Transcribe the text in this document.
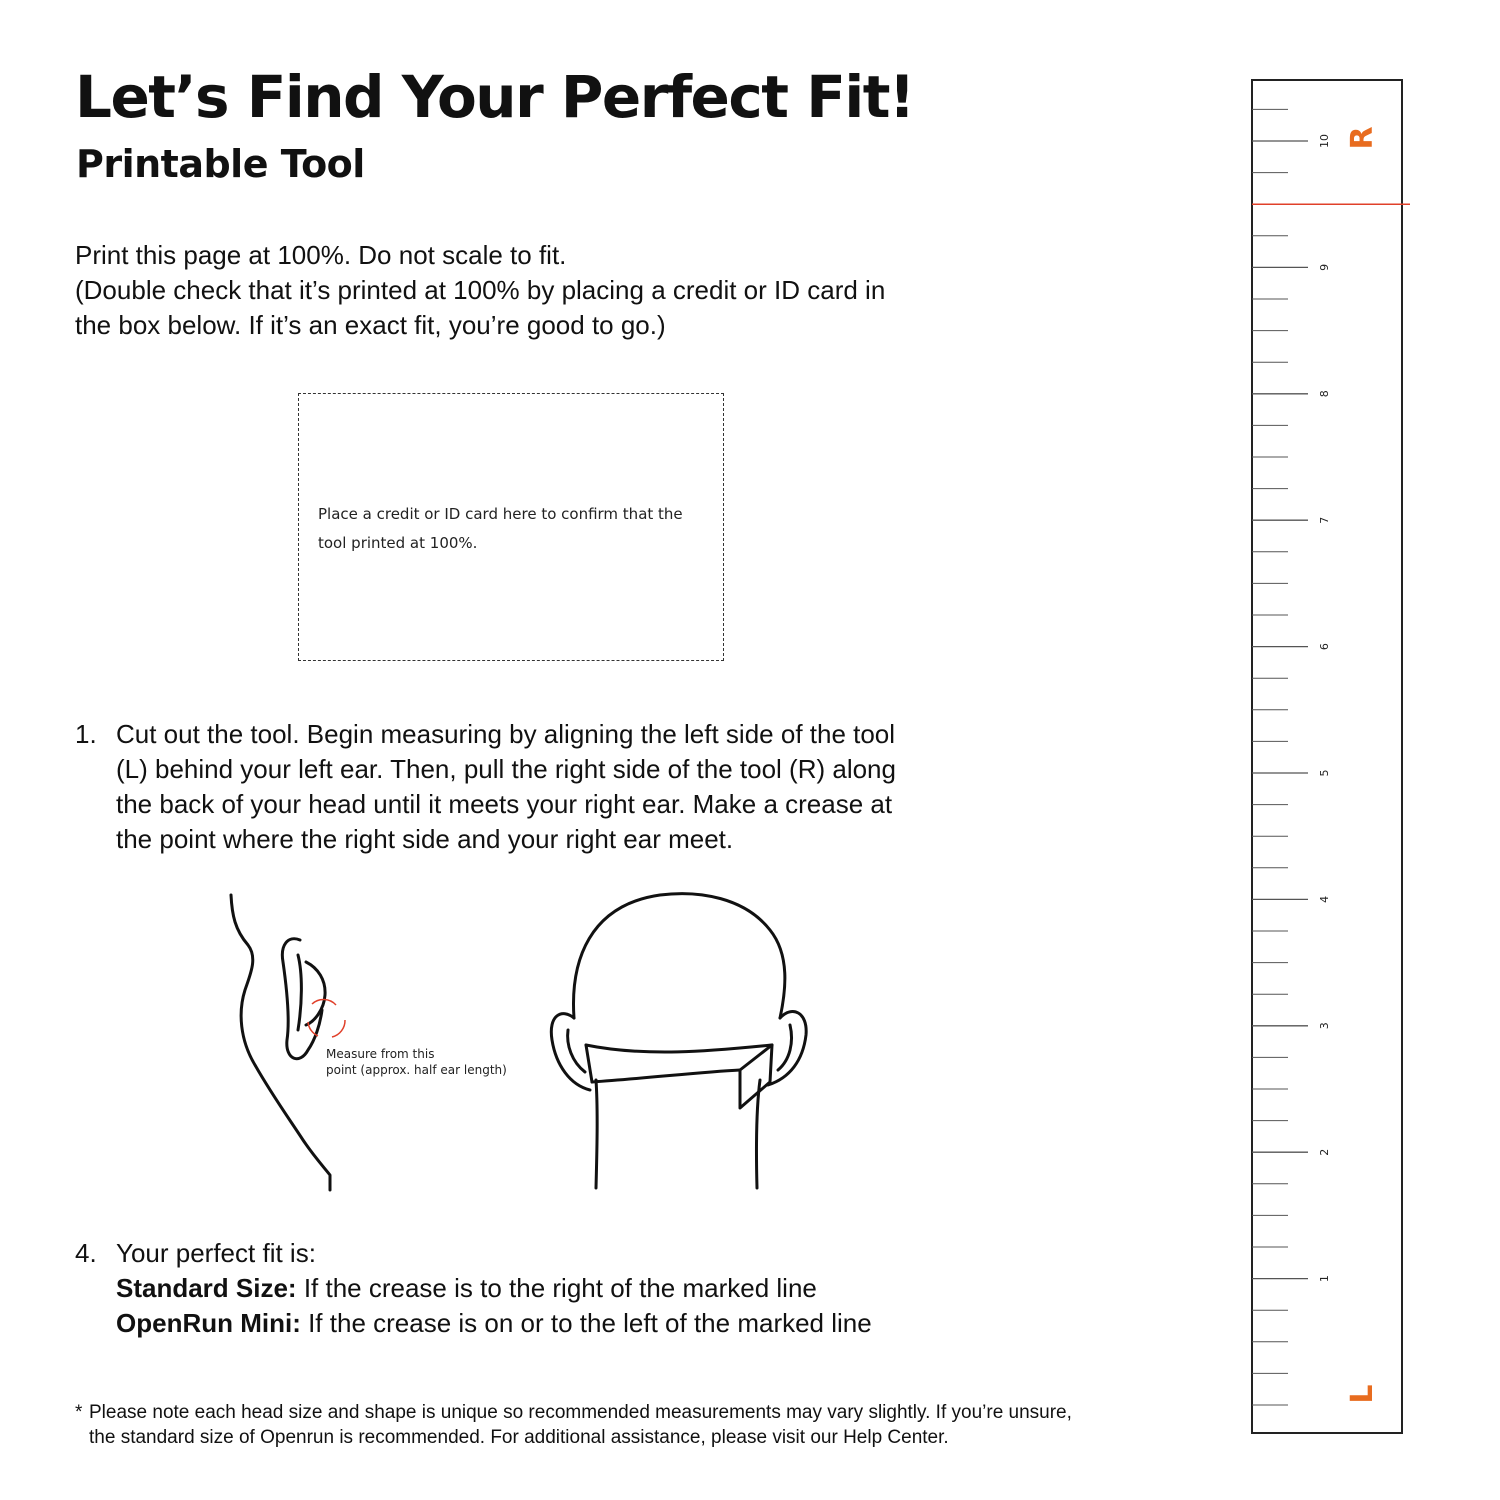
Let’s Find Your Perfect Fit!
Printable Tool
Print this page at 100%. Do not scale to fit.
(Double check that it’s printed at 100% by placing a credit or ID card in
the box below. If it’s an exact fit, you’re good to go.)
Place a credit or ID card here to confirm that the
tool printed at 100%.
1. Cut out the tool. Begin measuring by aligning the left side of the tool
(L) behind your left ear. Then, pull the right side of the tool (R) along
the back of your head until it meets your right ear. Make a crease at
the point where the right side and your right ear meet.
Measure from this
point (approx. half ear length)
4. Your perfect fit is:
Standard Size: If the crease is to the right of the marked line
OpenRun Mini: If the crease is on or to the left of the marked line
* Please note each head size and shape is unique so recommended measurements may vary slightly. If you’re unsure,
the standard size of Openrun is recommended. For additional assistance, please visit our Help Center.
1
2
3
4
5
6
7
8
9
10 R
L
